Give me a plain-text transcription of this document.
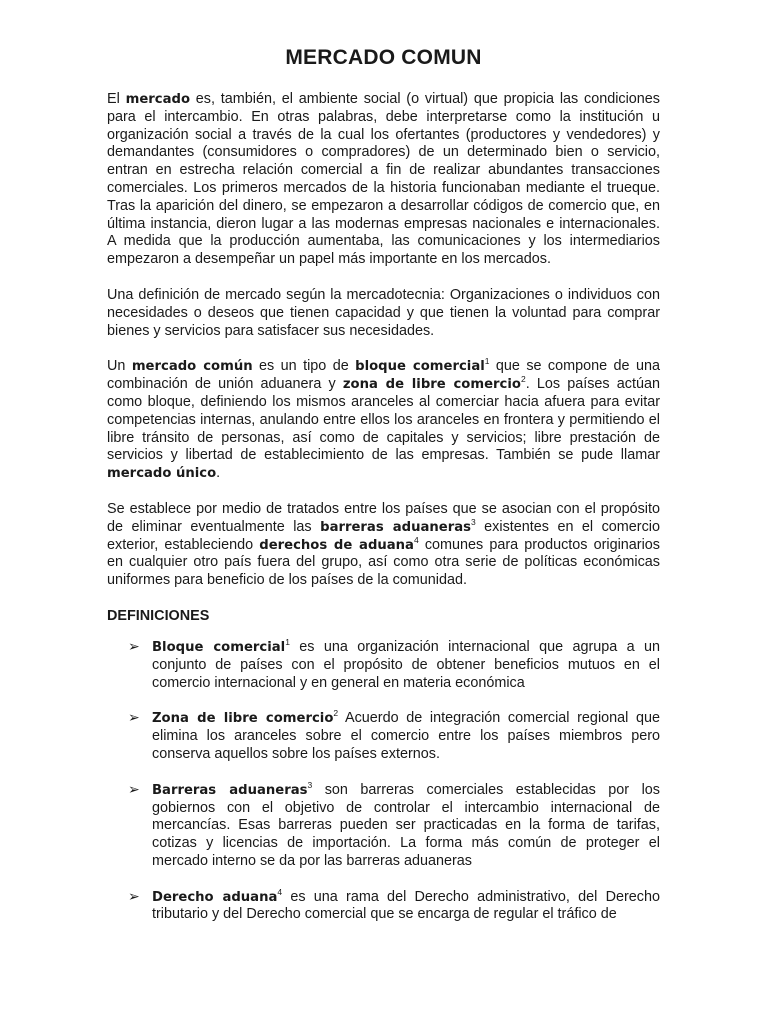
MERCADO COMUN

El mercado es, también, el ambiente social (o virtual) que propicia las condiciones para el intercambio. En otras palabras, debe interpretarse como la institución u organización social a través de la cual los ofertantes (productores y vendedores) y demandantes (consumidores o compradores) de un determinado bien o servicio, entran en estrecha relación comercial a fin de realizar abundantes transacciones comerciales. Los primeros mercados de la historia funcionaban mediante el trueque. Tras la aparición del dinero, se empezaron a desarrollar códigos de comercio que, en última instancia, dieron lugar a las modernas empresas nacionales e internacionales. A medida que la producción aumentaba, las comunicaciones y los intermediarios empezaron a desempeñar un papel más importante en los mercados.

Una definición de mercado según la mercadotecnia: Organizaciones o individuos con necesidades o deseos que tienen capacidad y que tienen la voluntad para comprar bienes y servicios para satisfacer sus necesidades.

Un mercado común es un tipo de bloque comercial$^1$ que se compone de una combinación de unión aduanera y zona de libre comercio$^2$. Los países actúan como bloque, definiendo los mismos aranceles al comerciar hacia afuera para evitar competencias internas, anulando entre ellos los aranceles en frontera y permitiendo el libre tránsito de personas, así como de capitales y servicios; libre prestación de servicios y libertad de establecimiento de las empresas. También se pude llamar mercado único.

Se establece por medio de tratados entre los países que se asocian con el propósito de eliminar eventualmente las barreras aduaneras$^3$ existentes en el comercio exterior, estableciendo derechos de aduana$^4$ comunes para productos originarios en cualquier otro país fuera del grupo, así como otra serie de políticas económicas uniformes para beneficio de los países de la comunidad.

DEFINICIONES
➢ Bloque comercial$^1$ es una organización internacional que agrupa a un conjunto de países con el propósito de obtener beneficios mutuos en el comercio internacional y en general en materia económica
➢ Zona de libre comercio$^2$ Acuerdo de integración comercial regional que elimina los aranceles sobre el comercio entre los países miembros pero conserva aquellos sobre los países externos.
➢ Barreras aduaneras$^3$ son barreras comerciales establecidas por los gobiernos con el objetivo de controlar el intercambio internacional de mercancías. Esas barreras pueden ser practicadas en la forma de tarifas, cotizas y licencias de importación. La forma más común de proteger el mercado interno se da por las barreras aduaneras
➢ Derecho aduana$^4$ es una rama del Derecho administrativo, del Derecho tributario y del Derecho comercial que se encarga de regular el tráfico de
